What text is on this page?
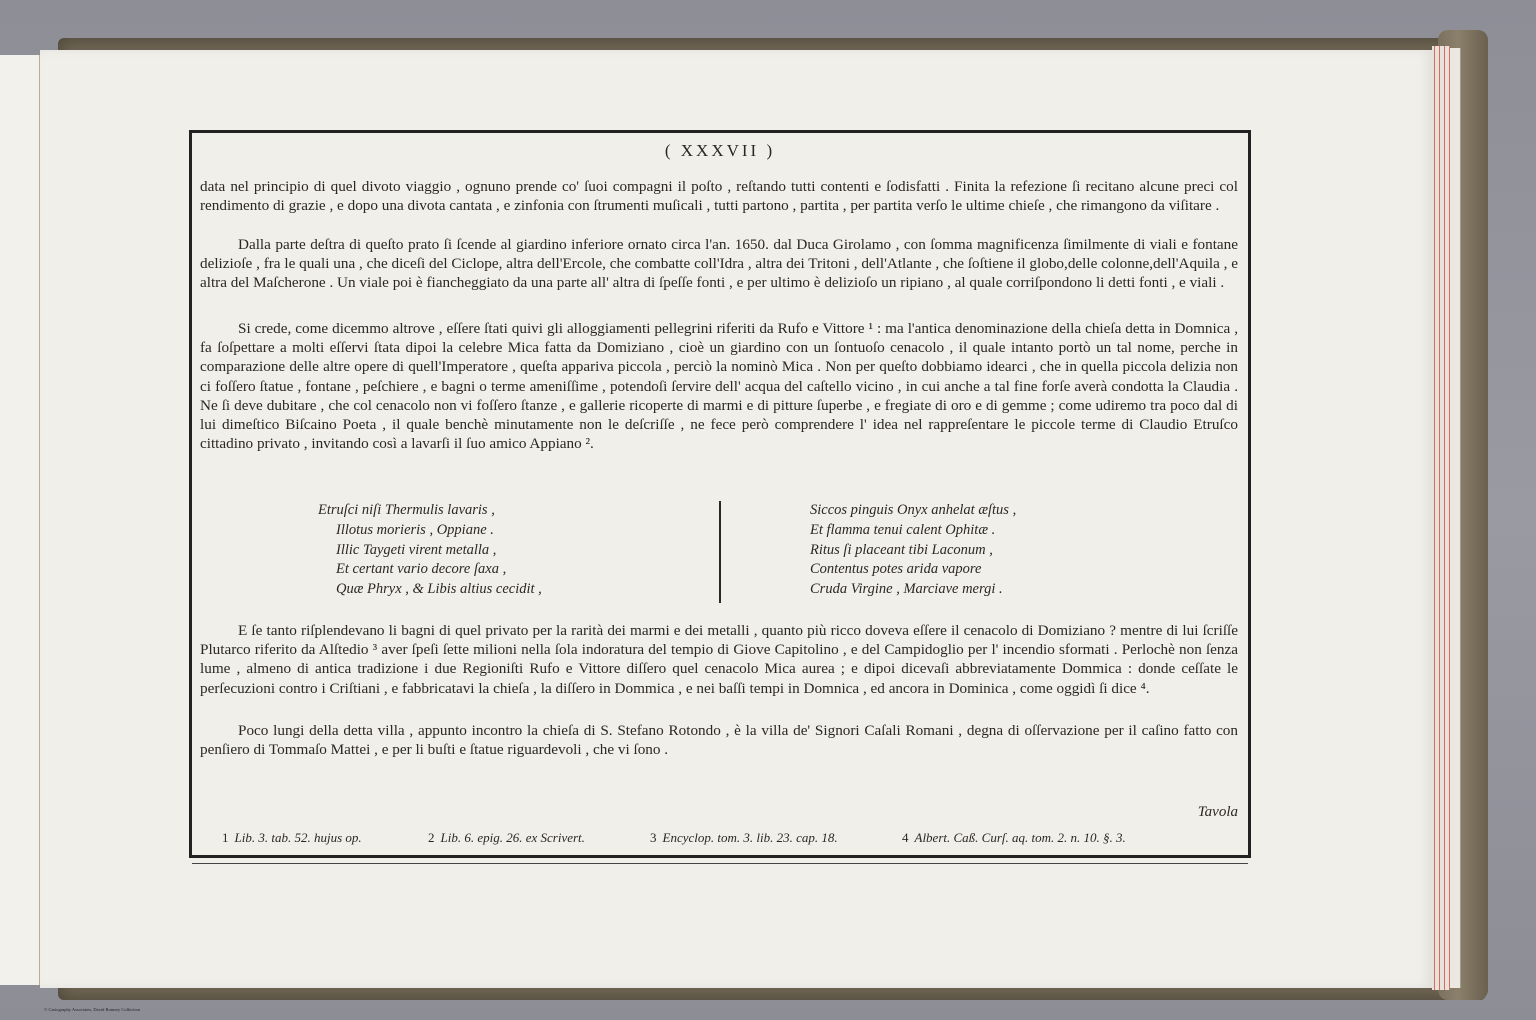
( XXXVII )

data nel principio di quel divoto viaggio , ognuno prende co' ſuoi compagni il poſto , reſtando tutti contenti e ſodisfatti . Finita la refezione ſi recitano alcune preci col rendimento di grazie , e dopo una divota cantata , e zinfonia con ſtrumenti muſicali , tutti partono , partita , per partita verſo le ultime chieſe , che rimangono da viſitare .

Dalla parte deſtra di queſto prato ſi ſcende al giardino inferiore ornato circa l'an. 1650. dal Duca Girolamo , con ſomma magnificenza ſimilmente di viali e fontane delizioſe , fra le quali una , che diceſi del Ciclope, altra dell'Ercole, che combatte coll'Idra , altra dei Tritoni , dell'Atlante , che ſoſtiene il globo,delle colonne,dell'Aquila , e altra del Maſcherone . Un viale poi è fiancheggiato da una parte all' altra di ſpeſſe fonti , e per ultimo è delizioſo un ripiano , al quale corriſpondono li detti fonti , e viali .

Si crede, come dicemmo altrove , eſſere ſtati quivi gli alloggiamenti pellegrini riferiti da Rufo e Vittore ¹ : ma l'antica denominazione della chieſa detta in Domnica , fa ſoſpettare a molti eſſervi ſtata dipoi la celebre Mica fatta da Domiziano , cioè un giardino con un ſontuoſo cenacolo , il quale intanto portò un tal nome, perche in comparazione delle altre opere di quell'Imperatore , queſta appariva piccola , perciò la nominò Mica . Non per queſto dobbiamo idearci , che in quella piccola delizia non ci foſſero ſtatue , fontane , peſchiere , e bagni o terme ameniſſime , potendoſi ſervire dell' acqua del caſtello vicino , in cui anche a tal fine forſe averà condotta la Claudia . Ne ſi deve dubitare , che col cenacolo non vi foſſero ſtanze , e gallerie ricoperte di marmi e di pitture ſuperbe , e fregiate di oro e di gemme ; come udiremo tra poco dal di lui dimeſtico Biſcaino Poeta , il quale benchè minutamente non le deſcriſſe , ne fece però comprendere l' idea nel rappreſentare le piccole terme di Claudio Etruſco cittadino privato , invitando così a lavarſi il ſuo amico Appiano ².

Etruſci niſi Thermulis lavaris ,
Illotus morieris , Oppiane .
Illic Taygeti virent metalla ,
Et certant vario decore ſaxa ,
Quæ Phryx , & Libis altius cecidit ,
Siccos pinguis Onyx anhelat æſtus ,
Et flamma tenui calent Ophitæ .
Ritus ſi placeant tibi Laconum ,
Contentus potes arida vapore
Cruda Virgine , Marciave mergi .

E ſe tanto riſplendevano li bagni di quel privato per la rarità dei marmi e dei metalli , quanto più ricco doveva eſſere il cenacolo di Domiziano ? mentre di lui ſcriſſe Plutarco riferito da Alſtedio ³ aver ſpeſi ſette milioni nella ſola indoratura del tempio di Giove Capitolino , e del Campidoglio per l' incendio sformati . Perlochè non ſenza lume , almeno di antica tradizione i due Regioniſti Rufo e Vittore diſſero quel cenacolo Mica aurea ; e dipoi dicevaſi abbreviatamente Dommica : donde ceſſate le perſecuzioni contro i Criſtiani , e fabbricatavi la chieſa , la diſſero in Dommica , e nei baſſi tempi in Domnica , ed ancora in Dominica , come oggidì ſi dice ⁴.

Poco lungi della detta villa , appunto incontro la chieſa di S. Stefano Rotondo , è la villa de' Signori Caſali Romani , degna di oſſervazione per il caſino fatto con penſiero di Tommaſo Mattei , e per li buſti e ſtatue riguardevoli , che vi ſono .

Tavola
1 Lib. 3. tab. 52. hujus op.	2 Lib. 6. epig. 26. ex Scrivert.	3 Encyclop. tom. 3. lib. 23. cap. 18.	4 Albert. Caß. Curſ. aq. tom. 2. n. 10. §. 3.
© Cartography Associates, David Rumsey Collection
